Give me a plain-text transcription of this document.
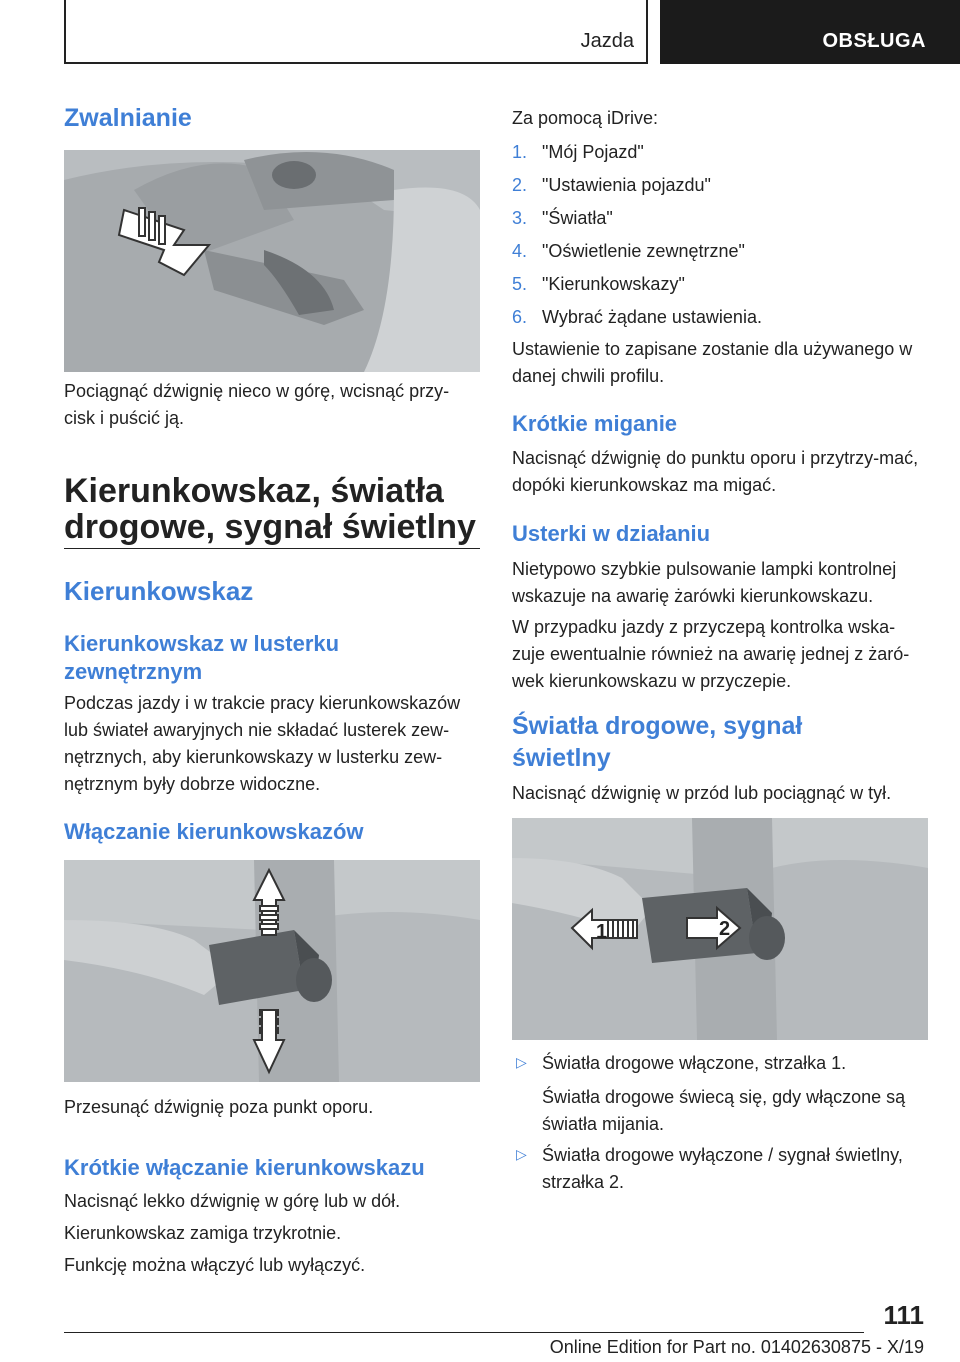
Jazda	OBSŁUGA
Zwalnianie
Pociągnąć dźwignię nieco w górę, wcisnąć przy-cisk i puścić ją.
Kierunkowskaz, światła
drogowe, sygnał świetlny
Kierunkowskaz
Kierunkowskaz w lusterku
zewnętrznym
Podczas jazdy i w trakcie pracy kierunkowskazów lub świateł awaryjnych nie składać lusterek zew-nętrznych, aby kierunkowskazy w lusterku zew-nętrznym były dobrze widoczne.
Włączanie kierunkowskazów
Przesunąć dźwignię poza punkt oporu.
Krótkie włączanie kierunkowskazu
Nacisnąć lekko dźwignię w górę lub w dół.
Kierunkowskaz zamiga trzykrotnie.
Funkcję można włączyć lub wyłączyć.
Za pomocą iDrive:
1. "Mój Pojazd"
2. "Ustawienia pojazdu"
3. "Światła"
4. "Oświetlenie zewnętrzne"
5. "Kierunkowskazy"
6. Wybrać żądane ustawienia.
Ustawienie to zapisane zostanie dla używanego w danej chwili profilu.
Krótkie miganie
Nacisnąć dźwignię do punktu oporu i przytrzy-mać, dopóki kierunkowskaz ma migać.
Usterki w działaniu
Nietypowo szybkie pulsowanie lampki kontrolnej wskazuje na awarię żarówki kierunkowskazu.
W przypadku jazdy z przyczepą kontrolka wska-zuje ewentualnie również na awarię jednej z żaró-wek kierunkowskazu w przyczepie.
Światła drogowe, sygnał
świetlny
Nacisnąć dźwignię w przód lub pociągnąć w tył.
1	2
▷ Światła drogowe włączone, strzałka 1.
Światła drogowe świecą się, gdy włączone są światła mijania.
▷ Światła drogowe wyłączone / sygnał świetlny, strzałka 2.
111
Online Edition for Part no. 01402630875 - X/19
